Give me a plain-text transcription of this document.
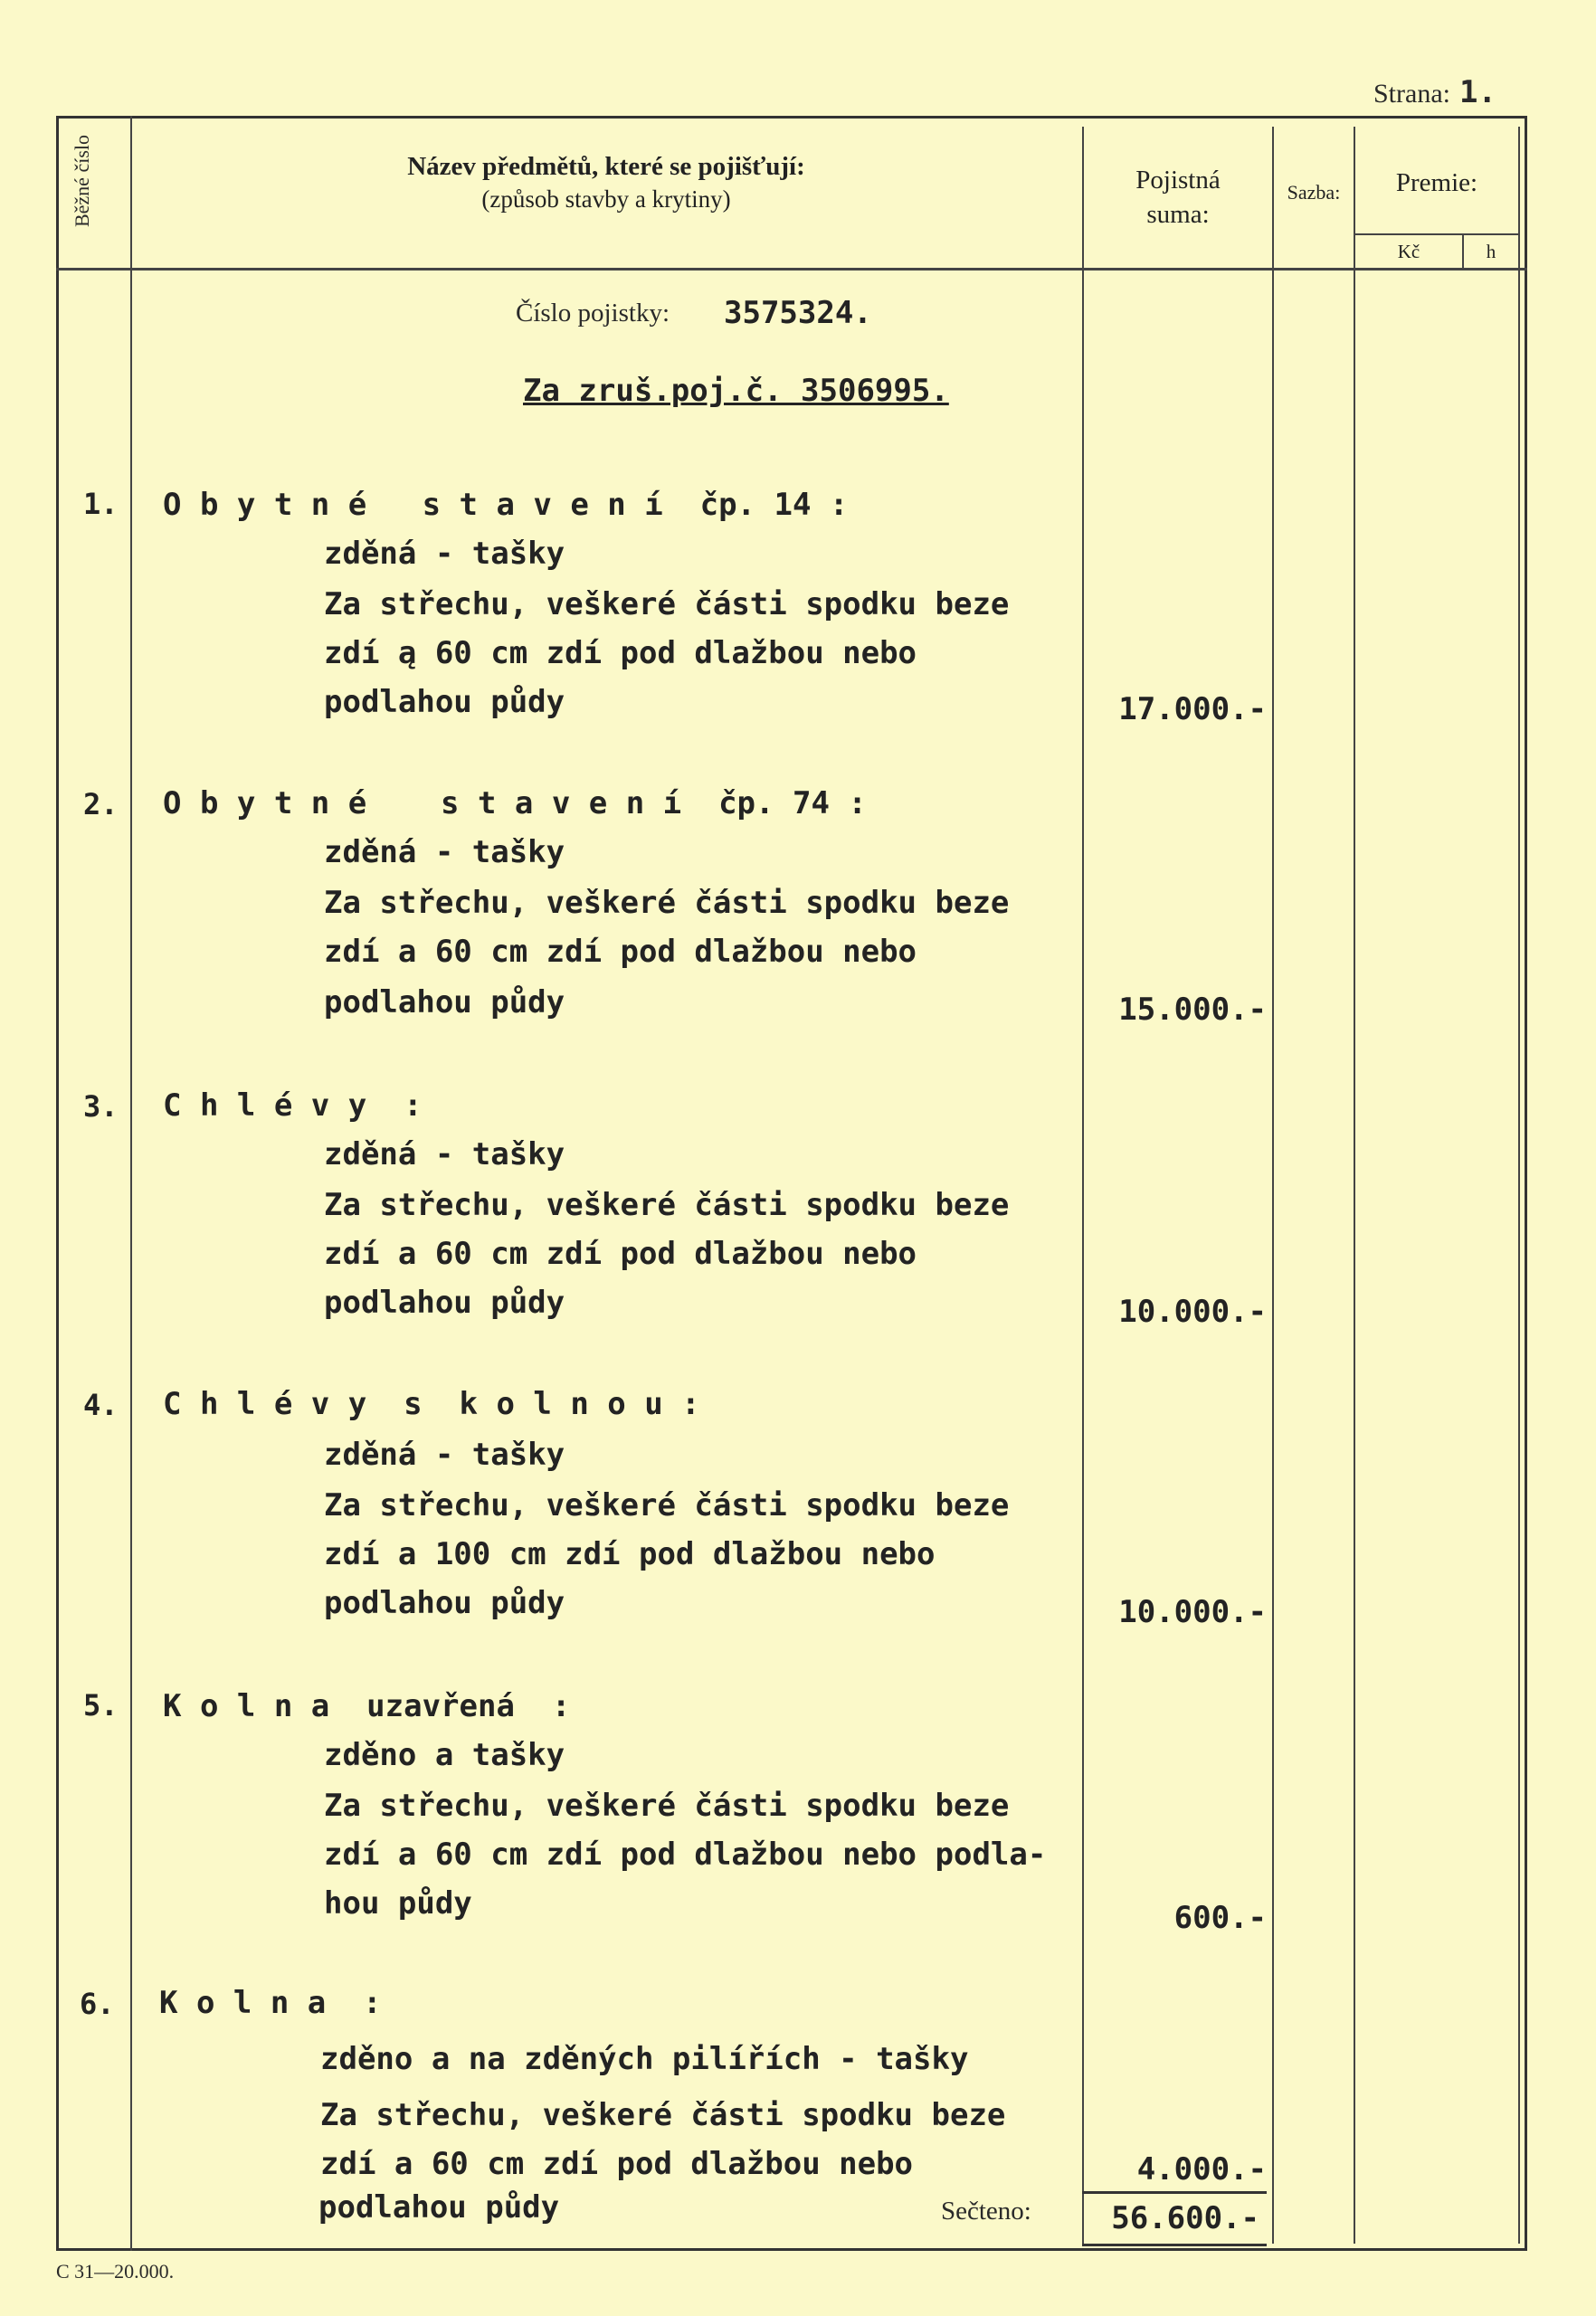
Strana: 1.
Běžné číslo	Název předmětů, které se pojišťují:
(způsob stavby a krytiny)
Pojistná
suma:
Sazba:	Premie:
Kč	h
Číslo pojistky: 3575324.
Za zruš.poj.č. 3506995.
1. O b y t n é   s t a v e n í  čp. 14 :
zděná - tašky
Za střechu, veškeré části spodku beze
zdí ą 60 cm zdí pod dlažbou nebo
podlahou půdy	17.000.-
2. O b y t n é    s t a v e n í  čp. 74 :
zděná - tašky
Za střechu, veškeré části spodku beze
zdí a 60 cm zdí pod dlažbou nebo
podlahou půdy	15.000.-
3. C h l é v y  :
zděná - tašky
Za střechu, veškeré části spodku beze
zdí a 60 cm zdí pod dlažbou nebo
podlahou půdy	10.000.-
4. C h l é v y  s  k o l n o u :
zděná - tašky
Za střechu, veškeré části spodku beze
zdí a 100 cm zdí pod dlažbou nebo
podlahou půdy	10.000.-
5. K o l n a  uzavřená  :
zděno a tašky
Za střechu, veškeré části spodku beze
zdí a 60 cm zdí pod dlažbou nebo podla-
hou půdy	600.-
6. K o l n a  :
zděno a na zděných pilířích - tašky
Za střechu, veškeré části spodku beze
zdí a 60 cm zdí pod dlažbou nebo
podlahou půdy
4.000.-
Sečteno:	56.600.-
C 31—20.000.
